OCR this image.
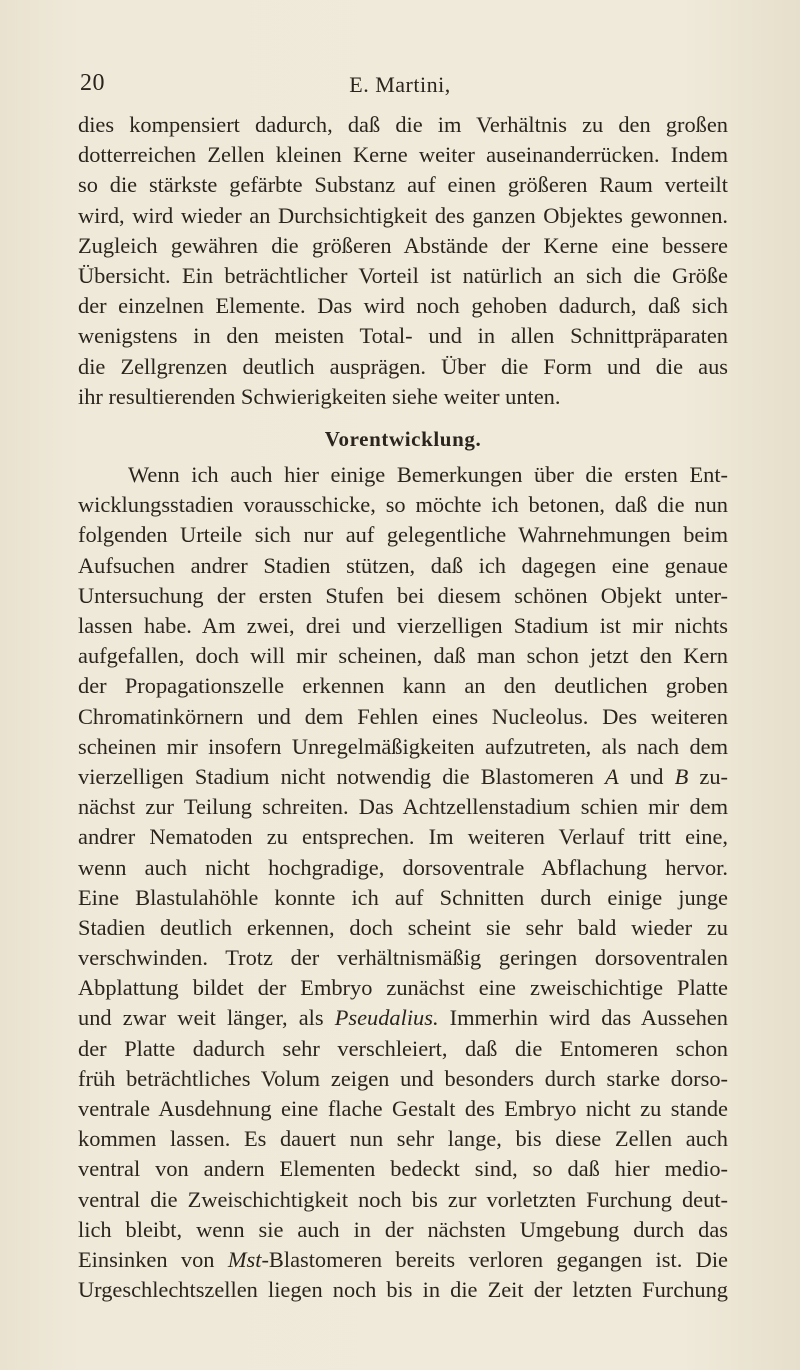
20	E. Martini,
dies kompensiert dadurch, daß die im Verhältnis zu den großen
dotterreichen Zellen kleinen Kerne weiter auseinanderrücken. Indem
so die stärkste gefärbte Substanz auf einen größeren Raum verteilt
wird, wird wieder an Durchsichtigkeit des ganzen Objektes gewonnen.
Zugleich gewähren die größeren Abstände der Kerne eine bessere
Übersicht. Ein beträchtlicher Vorteil ist natürlich an sich die Größe
der einzelnen Elemente. Das wird noch gehoben dadurch, daß sich
wenigstens in den meisten Total- und in allen Schnittpräparaten
die Zellgrenzen deutlich ausprägen. Über die Form und die aus
ihr resultierenden Schwierigkeiten siehe weiter unten.
Vorentwicklung.
Wenn ich auch hier einige Bemerkungen über die ersten Ent-
wicklungsstadien vorausschicke, so möchte ich betonen, daß die nun
folgenden Urteile sich nur auf gelegentliche Wahrnehmungen beim
Aufsuchen andrer Stadien stützen, daß ich dagegen eine genaue
Untersuchung der ersten Stufen bei diesem schönen Objekt unter-
lassen habe. Am zwei, drei und vierzelligen Stadium ist mir nichts
aufgefallen, doch will mir scheinen, daß man schon jetzt den Kern
der Propagationszelle erkennen kann an den deutlichen groben
Chromatinkörnern und dem Fehlen eines Nucleolus. Des weiteren
scheinen mir insofern Unregelmäßigkeiten aufzutreten, als nach dem
vierzelligen Stadium nicht notwendig die Blastomeren A und B zu-
nächst zur Teilung schreiten. Das Achtzellenstadium schien mir dem
andrer Nematoden zu entsprechen. Im weiteren Verlauf tritt eine,
wenn auch nicht hochgradige, dorsoventrale Abflachung hervor.
Eine Blastulahöhle konnte ich auf Schnitten durch einige junge
Stadien deutlich erkennen, doch scheint sie sehr bald wieder zu
verschwinden. Trotz der verhältnismäßig geringen dorsoventralen
Abplattung bildet der Embryo zunächst eine zweischichtige Platte
und zwar weit länger, als Pseudalius. Immerhin wird das Aussehen
der Platte dadurch sehr verschleiert, daß die Entomeren schon
früh beträchtliches Volum zeigen und besonders durch starke dorso-
ventrale Ausdehnung eine flache Gestalt des Embryo nicht zu stande
kommen lassen. Es dauert nun sehr lange, bis diese Zellen auch
ventral von andern Elementen bedeckt sind, so daß hier medio-
ventral die Zweischichtigkeit noch bis zur vorletzten Furchung deut-
lich bleibt, wenn sie auch in der nächsten Umgebung durch das
Einsinken von Mst-Blastomeren bereits verloren gegangen ist. Die
Urgeschlechtszellen liegen noch bis in die Zeit der letzten Furchung
